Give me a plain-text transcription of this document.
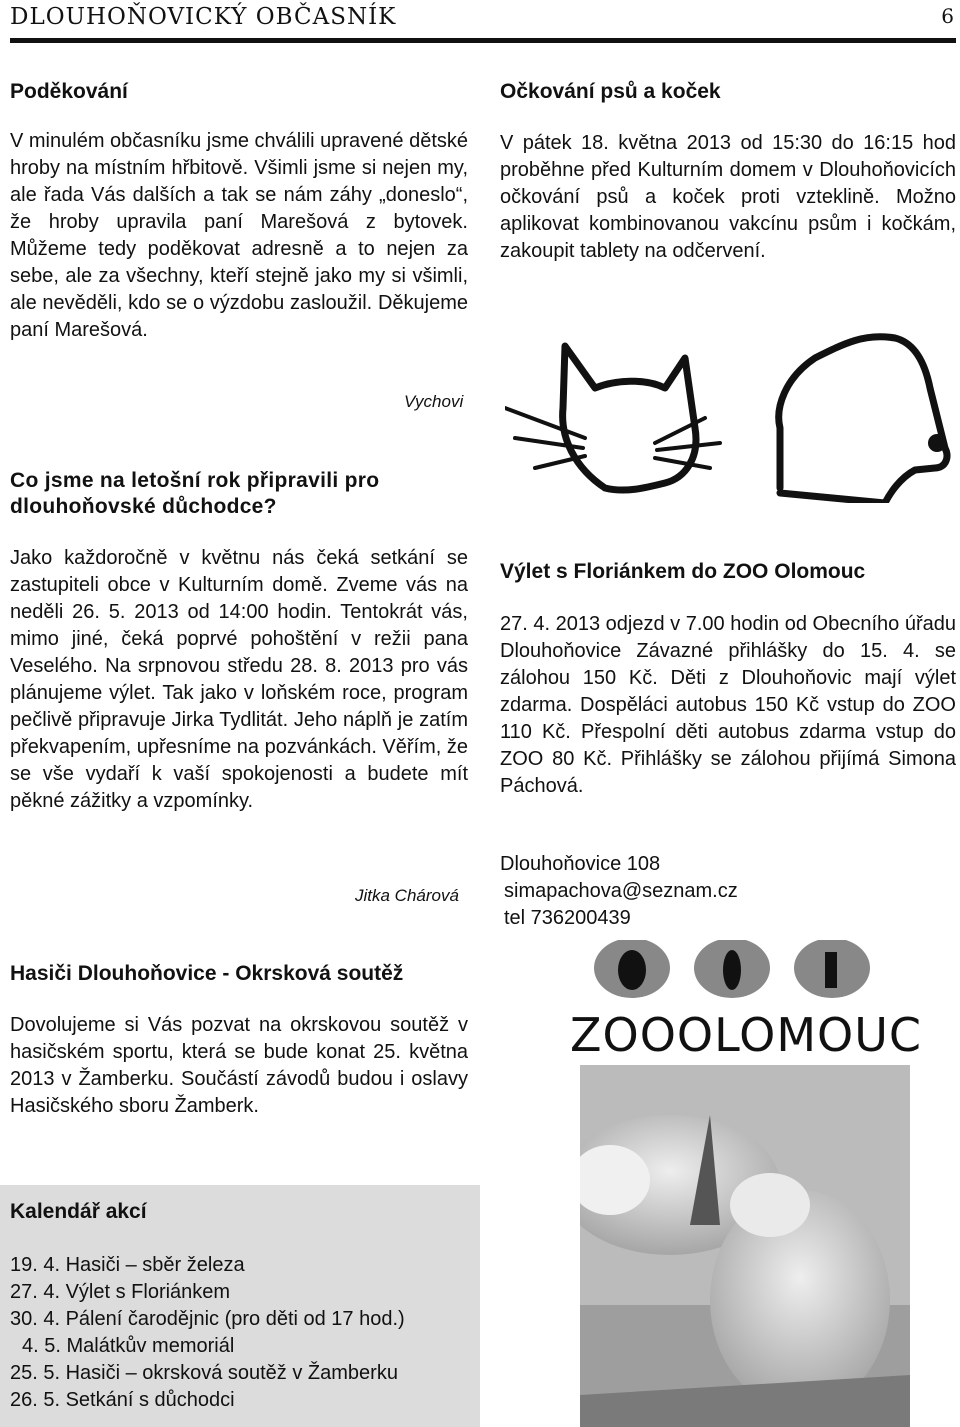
DLOUHOŇOVICKÝ OBČASNÍK	6
Poděkování
V minulém občasníku jsme chválili upravené dětské hroby na místním hřbitově. Všimli jsme si nejen my, ale řada Vás dalších a tak se nám záhy „doneslo“, že hroby upravila paní Marešová z bytovek. Můžeme tedy poděkovat adresně a to nejen za sebe, ale za všechny, kteří stejně jako my si všimli, ale nevěděli, kdo se o výzdobu zasloužil. Děkujeme paní Marešová.
Vychovi
Očkování psů a koček
V pátek 18. května 2013 od 15:30 do 16:15 hod proběhne před Kulturním domem v Dlouhoňovicích očkování psů a koček proti vzteklině. Možno aplikovat kombinovanou vakcínu psům i kočkám, zakoupit tablety na odčervení.
Co jsme na letošní rok připravili pro dlouhoňovské důchodce?
Jako každoročně v květnu nás čeká setkání se zastupiteli obce v Kulturním domě. Zveme vás na neděli 26. 5. 2013 od 14:00 hodin. Tentokrát vás, mimo jiné, čeká poprvé pohoštění v režii pana Veselého. Na srpnovou středu 28. 8. 2013 pro vás plánujeme výlet. Tak jako v loňském roce, program pečlivě připravuje Jirka Tydlitát. Jeho náplň je zatím překvapením, upřesníme na pozvánkách. Věřím, že se vše vydaří k vaší spokojenosti a budete mít pěkné zážitky a vzpomínky.
Jitka Chárová
Výlet s Floriánkem do ZOO Olomouc
27. 4. 2013 odjezd v 7.00 hodin od Obecního úřadu Dlouhoňovice Závazné přihlášky do 15. 4. se zálohou 150 Kč. Děti z Dlouhoňovic mají výlet zdarma. Dospěláci autobus 150 Kč vstup do ZOO 110 Kč. Přespolní děti autobus zdarma vstup do ZOO 80 Kč. Přihlášky se zálohou přijímá Simona Páchová.
Dlouhoňovice 108
simapachova@seznam.cz
tel 736200439
ZOOOLOMOUC
Hasiči Dlouhoňovice - Okrsková soutěž
Dovolujeme si Vás pozvat na okrskovou soutěž v hasičském sportu, která se bude konat 25. května 2013 v Žamberku. Součástí závodů budou i oslavy Hasičského sboru Žamberk.
Kalendář akcí
19. 4. Hasiči – sběr železa
27. 4. Výlet s Floriánkem
30. 4. Pálení čarodějnic (pro děti od 17 hod.)
4. 5. Malátkův memoriál
25. 5. Hasiči – okrsková soutěž v Žamberku
26. 5. Setkání s důchodci
